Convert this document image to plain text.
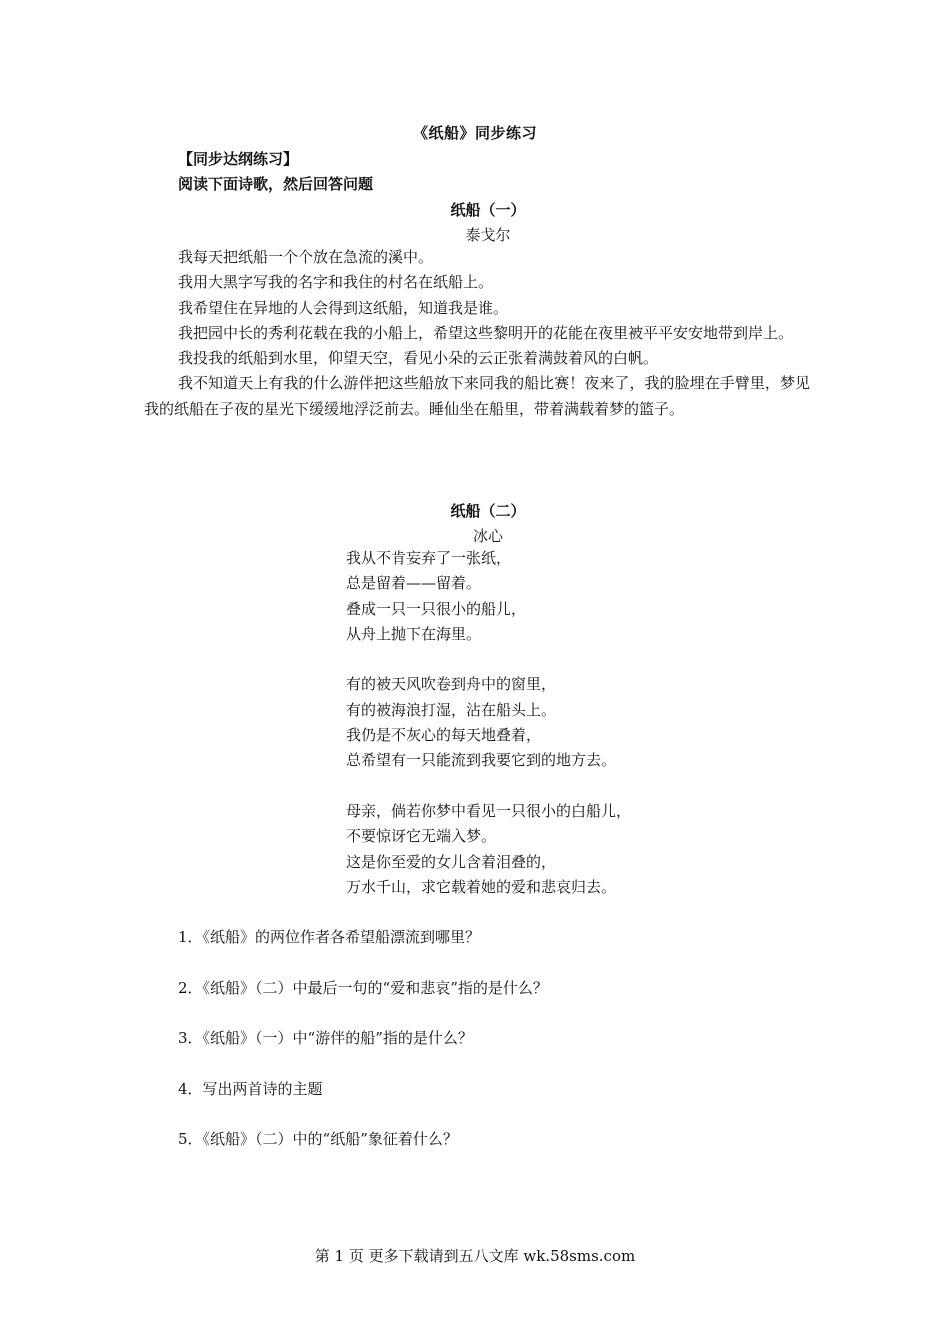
《纸船》同步练习
【同步达纲练习】
阅读下面诗歌，然后回答问题
纸船（一）
泰戈尔

我每天把纸船一个个放在急流的溪中。

我用大黑字写我的名字和我住的村名在纸船上。

我希望住在异地的人会得到这纸船，知道我是谁。

我把园中长的秀利花载在我的小船上，希望这些黎明开的花能在夜里被平平安安地带到岸上。

我投我的纸船到水里，仰望天空，看见小朵的云正张着满鼓着风的白帆。

我不知道天上有我的什么游伴把这些船放下来同我的船比赛！夜来了，我的脸埋在手臂里，梦见我的纸船在子夜的星光下缓缓地浮泛前去。睡仙坐在船里，带着满载着梦的篮子。

纸船（二）
冰心
我从不肯妄弃了一张纸，
总是留着——留着。
叠成一只一只很小的船儿，
从舟上抛下在海里。
有的被天风吹卷到舟中的窗里，
有的被海浪打湿，沾在船头上。
我仍是不灰心的每天地叠着，
总希望有一只能流到我要它到的地方去。
母亲，倘若你梦中看见一只很小的白船儿，
不要惊讶它无端入梦。
这是你至爱的女儿含着泪叠的，
万水千山，求它载着她的爱和悲哀归去。
1．《纸船》的两位作者各希望船漂流到哪里？
2．《纸船》（二）中最后一句的“爱和悲哀”指的是什么？
3．《纸船》（一）中“游伴的船”指的是什么？
4．写出两首诗的主题
5．《纸船》（二）中的“纸船”象征着什么？
第 1 页 更多下载请到五八文库 wk.58sms.com
